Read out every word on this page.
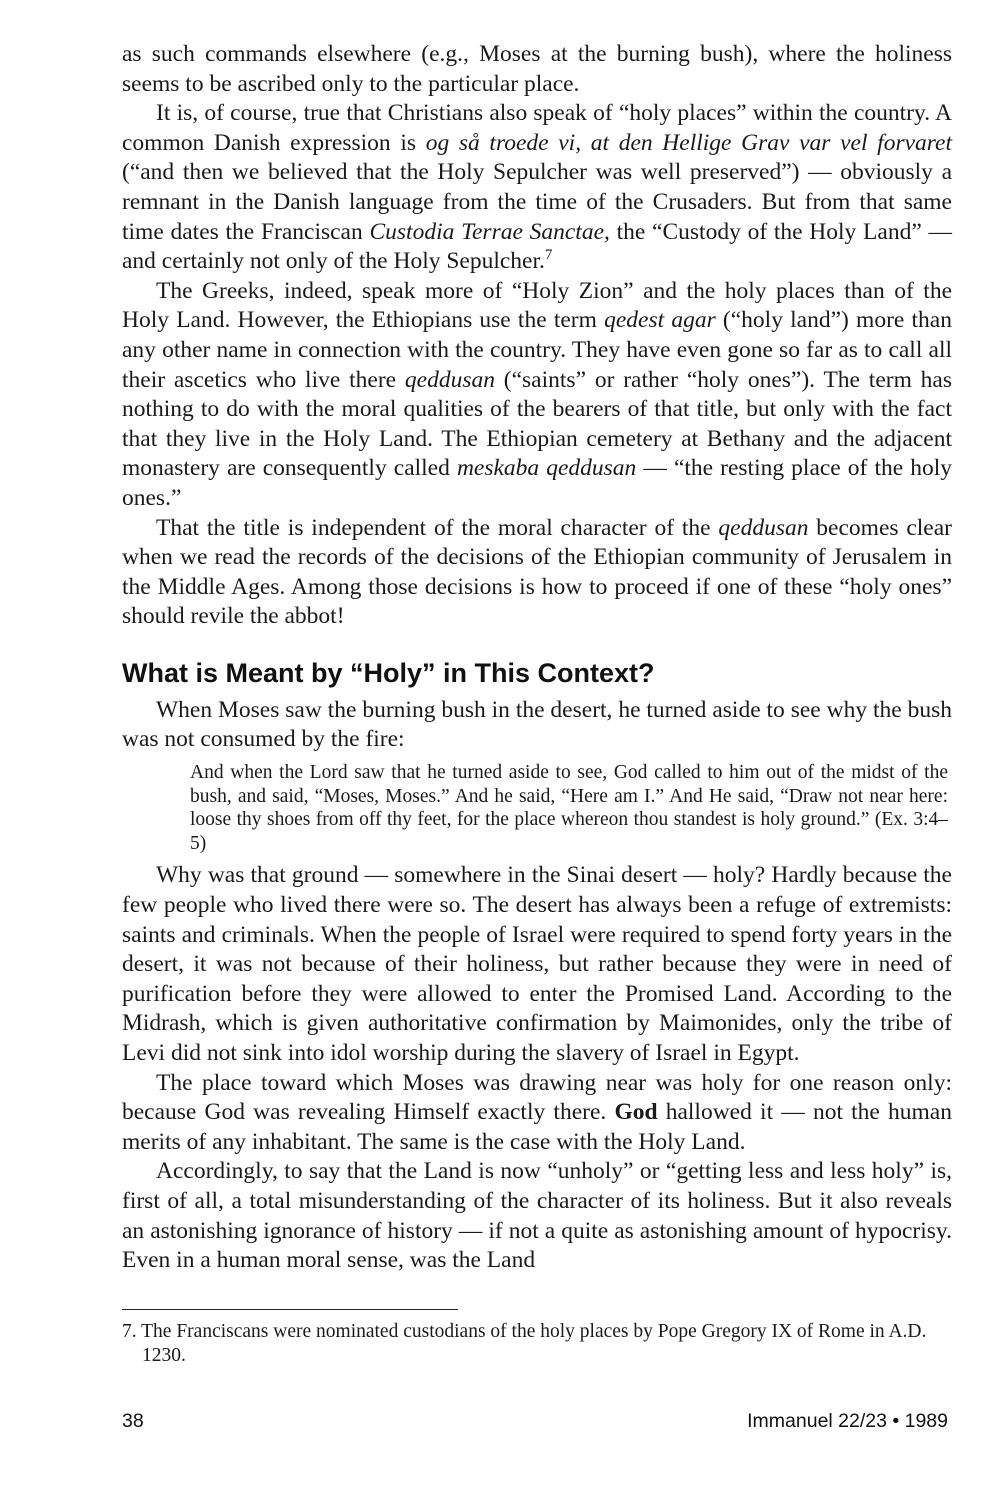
as such commands elsewhere (e.g., Moses at the burning bush), where the holiness seems to be ascribed only to the particular place.

It is, of course, true that Christians also speak of “holy places” within the country. A common Danish expression is og så troede vi, at den Hellige Grav var vel forvaret (“and then we believed that the Holy Sepulcher was well preserved”) — obviously a remnant in the Danish language from the time of the Crusaders. But from that same time dates the Franciscan Custodia Terrae Sanctae, the “Custody of the Holy Land” — and certainly not only of the Holy Sepulcher.$^7$

The Greeks, indeed, speak more of “Holy Zion” and the holy places than of the Holy Land. However, the Ethiopians use the term qedest agar (“holy land”) more than any other name in connection with the country. They have even gone so far as to call all their ascetics who live there qeddusan (“saints” or rather “holy ones”). The term has nothing to do with the moral qualities of the bearers of that title, but only with the fact that they live in the Holy Land. The Ethiopian cemetery at Bethany and the adjacent monastery are consequently called meskaba qeddusan — “the resting place of the holy ones.”

That the title is independent of the moral character of the qeddusan becomes clear when we read the records of the decisions of the Ethiopian community of Jerusalem in the Middle Ages. Among those decisions is how to proceed if one of these “holy ones” should revile the abbot!

What is Meant by “Holy” in This Context?

When Moses saw the burning bush in the desert, he turned aside to see why the bush was not consumed by the fire:

And when the Lord saw that he turned aside to see, God called to him out of the midst of the bush, and said, “Moses, Moses.” And he said, “Here am I.” And He said, “Draw not near here: loose thy shoes from off thy feet, for the place whereon thou standest is holy ground.” (Ex. 3:4–5)

Why was that ground — somewhere in the Sinai desert — holy? Hardly because the few people who lived there were so. The desert has always been a refuge of extremists: saints and criminals. When the people of Israel were required to spend forty years in the desert, it was not because of their holiness, but rather because they were in need of purification before they were allowed to enter the Promised Land. According to the Midrash, which is given authoritative confirmation by Maimonides, only the tribe of Levi did not sink into idol worship during the slavery of Israel in Egypt.

The place toward which Moses was drawing near was holy for one reason only: because God was revealing Himself exactly there. God hallowed it — not the human merits of any inhabitant. The same is the case with the Holy Land.

Accordingly, to say that the Land is now “unholy” or “getting less and less holy” is, first of all, a total misunderstanding of the character of its holiness. But it also reveals an astonishing ignorance of history — if not a quite as astonishing amount of hypocrisy. Even in a human moral sense, was the Land

7. The Franciscans were nominated custodians of the holy places by Pope Gregory IX of Rome in A.D. 1230.
38	Immanuel 22/23 • 1989
